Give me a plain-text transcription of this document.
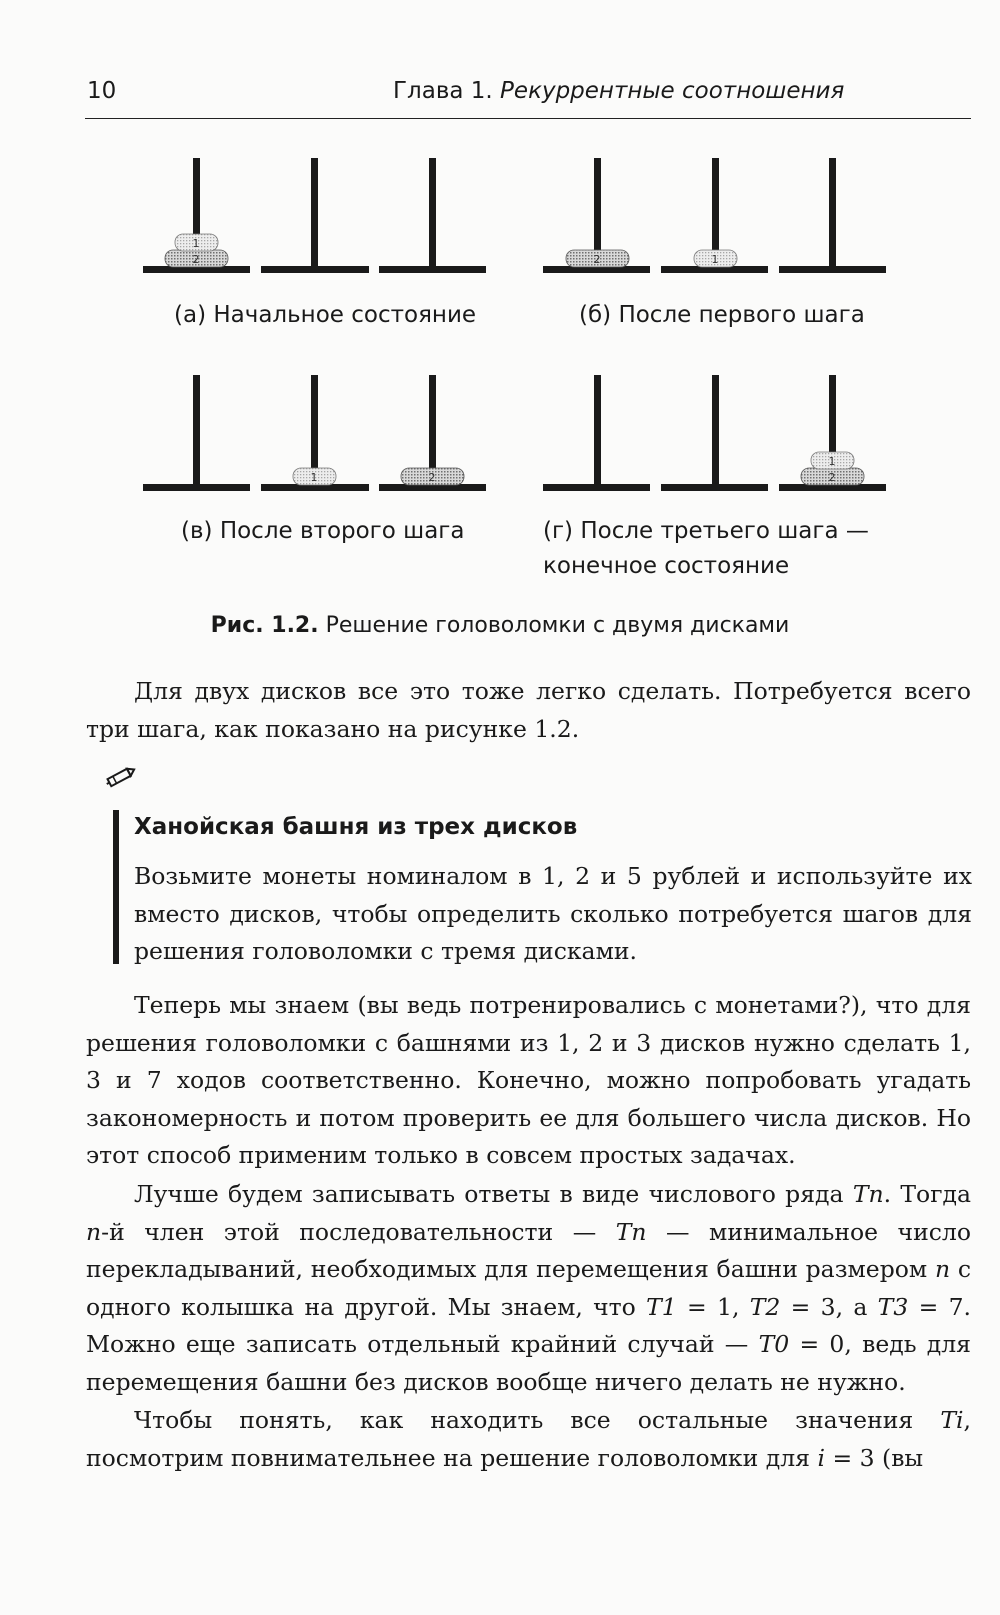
10	Глава 1. Рекуррентные соотношения
2
1
2	1
1	2	2
1
(а) Начальное состояние	(б) После первого шага
(в) После второго шага	(г) После третьего шага —
конечное состояние
Рис. 1.2. Решение головоломки с двумя дисками

Для двух дисков все это тоже легко сделать. Потребуется всего три шага, как показано на рисунке 1.2.

Ханойская башня из трех дисков

Возьмите монеты номиналом в 1, 2 и 5 рублей и используйте их вместо дисков, чтобы определить сколько потребуется шагов для решения головоломки с тремя дисками.

Теперь мы знаем (вы ведь потренировались с монетами?), что для решения головоломки с башнями из 1, 2 и 3 дисков нужно сделать 1, 3 и 7 ходов соответственно. Конечно, можно попробовать угадать закономерность и потом проверить ее для большего числа дисков. Но этот способ применим только в совсем простых задачах.

Лучше будем записывать ответы в виде числового ряда Tn. Тогда n-й член этой последовательности — Tn — минимальное число перекладываний, необходимых для перемещения башни размером n с одного колышка на другой. Мы знаем, что T1 = 1, T2 = 3, а T3 = 7. Можно еще записать отдельный крайний случай — T0 = 0, ведь для перемещения башни без дисков вообще ничего делать не нужно.

Чтобы понять, как находить все остальные значения Ti, посмотрим повнимательнее на решение головоломки для i = 3 (вы
